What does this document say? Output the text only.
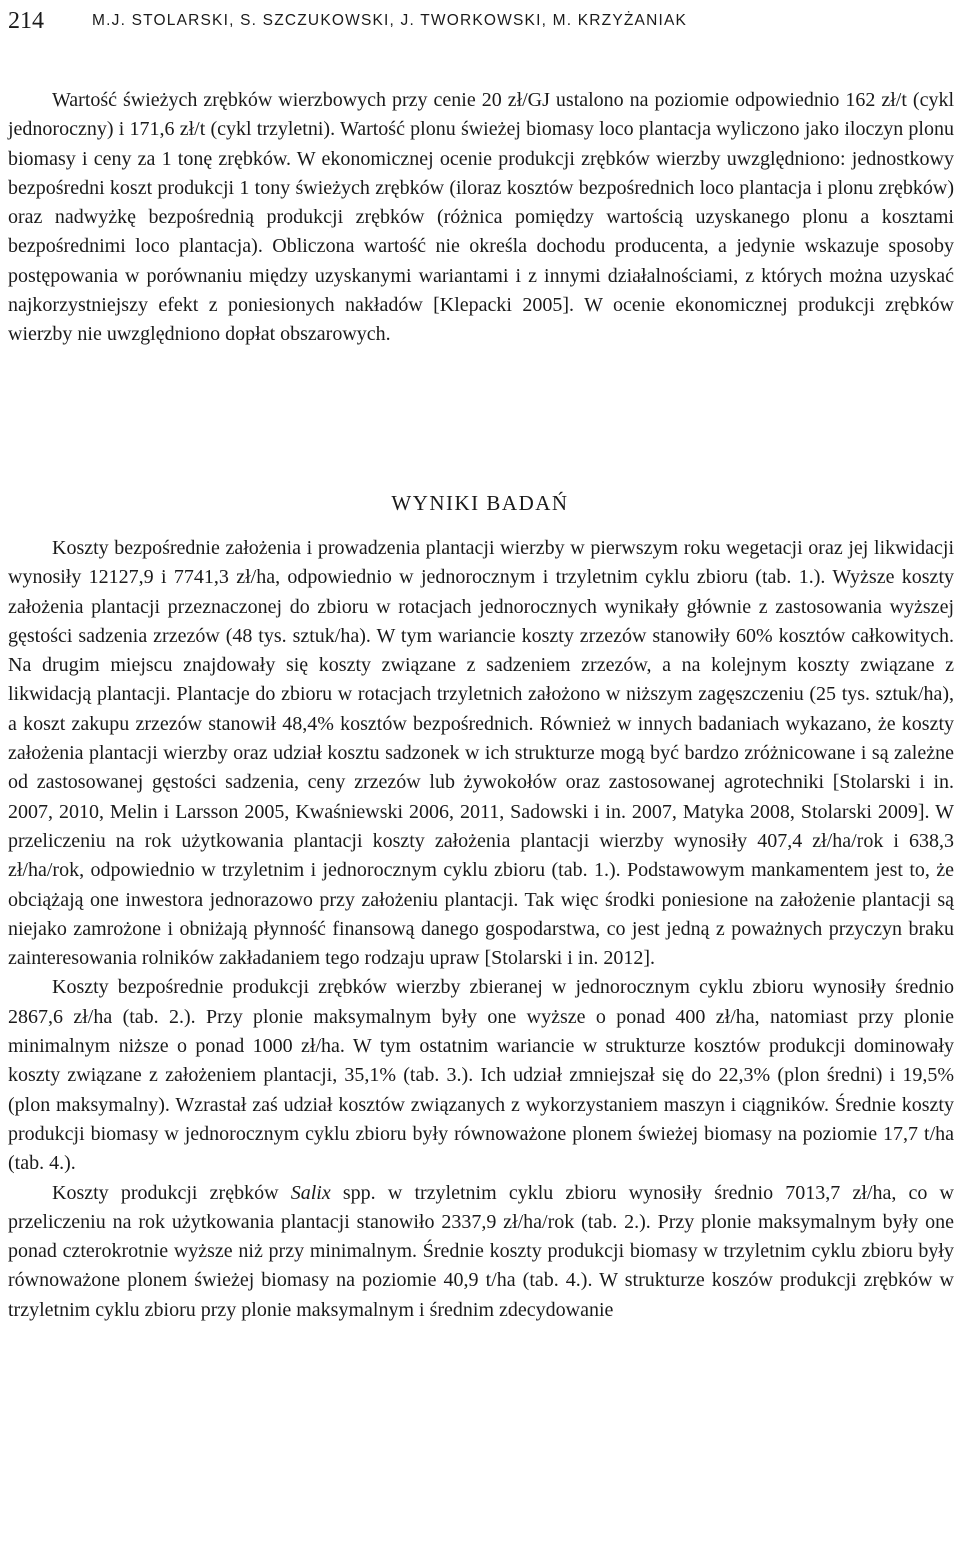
214	M.J. STOLARSKI, S. SZCZUKOWSKI, J. TWORKOWSKI, M. KRZYŻANIAK

Wartość świeżych zrębków wierzbowych przy cenie 20 zł/GJ ustalono na poziomie odpowiednio 162 zł/t (cykl jednoroczny) i 171,6 zł/t (cykl trzyletni). Wartość plonu świeżej biomasy loco plantacja wyliczono jako iloczyn plonu biomasy i ceny za 1 tonę zrębków. W ekonomicznej ocenie produkcji zrębków wierzby uwzględniono: jednostkowy bezpośredni koszt produkcji 1 tony świeżych zrębków (iloraz kosztów bezpośrednich loco plantacja i plonu zrębków) oraz nadwyżkę bezpośrednią produkcji zrębków (różnica pomiędzy wartością uzyskanego plonu a kosztami bezpośrednimi loco plantacja). Obliczona wartość nie określa dochodu producenta, a jedynie wskazuje sposoby postępowania w porównaniu między uzyskanymi wariantami i z innymi działalnościami, z których można uzyskać najkorzystniejszy efekt z poniesionych nakładów [Klepacki 2005]. W ocenie ekonomicznej produkcji zrębków wierzby nie uwzględniono dopłat obszarowych.

WYNIKI BADAŃ

Koszty bezpośrednie założenia i prowadzenia plantacji wierzby w pierwszym roku wegetacji oraz jej likwidacji wynosiły 12127,9 i 7741,3 zł/ha, odpowiednio w jednorocznym i trzyletnim cyklu zbioru (tab. 1.). Wyższe koszty założenia plantacji przeznaczonej do zbioru w rotacjach jednorocznych wynikały głównie z zastosowania wyższej gęstości sadzenia zrzezów (48 tys. sztuk/ha). W tym wariancie koszty zrzezów stanowiły 60% kosztów całkowitych. Na drugim miejscu znajdowały się koszty związane z sadzeniem zrzezów, a na kolejnym koszty związane z likwidacją plantacji. Plantacje do zbioru w rotacjach trzyletnich założono w niższym zagęszczeniu (25 tys. sztuk/ha), a koszt zakupu zrzezów stanowił 48,4% kosztów bezpośrednich. Również w innych badaniach wykazano, że koszty założenia plantacji wierzby oraz udział kosztu sadzonek w ich strukturze mogą być bardzo zróżnicowane i są zależne od zastosowanej gęstości sadzenia, ceny zrzezów lub żywokołów oraz zastosowanej agrotechniki [Stolarski i in. 2007, 2010, Melin i Larsson 2005, Kwaśniewski 2006, 2011, Sadowski i in. 2007, Matyka 2008, Stolarski 2009]. W przeliczeniu na rok użytkowania plantacji koszty założenia plantacji wierzby wynosiły 407,4 zł/ha/rok i 638,3 zł/ha/rok, odpowiednio w trzyletnim i jednorocznym cyklu zbioru (tab. 1.). Podstawowym mankamentem jest to, że obciążają one inwestora jednorazowo przy założeniu plantacji. Tak więc środki poniesione na założenie plantacji są niejako zamrożone i obniżają płynność finansową danego gospodarstwa, co jest jedną z poważnych przyczyn braku zainteresowania rolników zakładaniem tego rodzaju upraw [Stolarski i in. 2012].

Koszty bezpośrednie produkcji zrębków wierzby zbieranej w jednorocznym cyklu zbioru wynosiły średnio 2867,6 zł/ha (tab. 2.). Przy plonie maksymalnym były one wyższe o ponad 400 zł/ha, natomiast przy plonie minimalnym niższe o ponad 1000 zł/ha. W tym ostatnim wariancie w strukturze kosztów produkcji dominowały koszty związane z założeniem plantacji, 35,1% (tab. 3.). Ich udział zmniejszał się do 22,3% (plon średni) i 19,5% (plon maksymalny). Wzrastał zaś udział kosztów związanych z wykorzystaniem maszyn i ciągników. Średnie koszty produkcji biomasy w jednorocznym cyklu zbioru były równoważone plonem świeżej biomasy na poziomie 17,7 t/ha (tab. 4.).

Koszty produkcji zrębków Salix spp. w trzyletnim cyklu zbioru wynosiły średnio 7013,7 zł/ha, co w przeliczeniu na rok użytkowania plantacji stanowiło 2337,9 zł/ha/rok (tab. 2.). Przy plonie maksymalnym były one ponad czterokrotnie wyższe niż przy minimalnym. Średnie koszty produkcji biomasy w trzyletnim cyklu zbioru były równoważone plonem świeżej biomasy na poziomie 40,9 t/ha (tab. 4.). W strukturze koszów produkcji zrębków w trzyletnim cyklu zbioru przy plonie maksymalnym i średnim zdecydowanie
